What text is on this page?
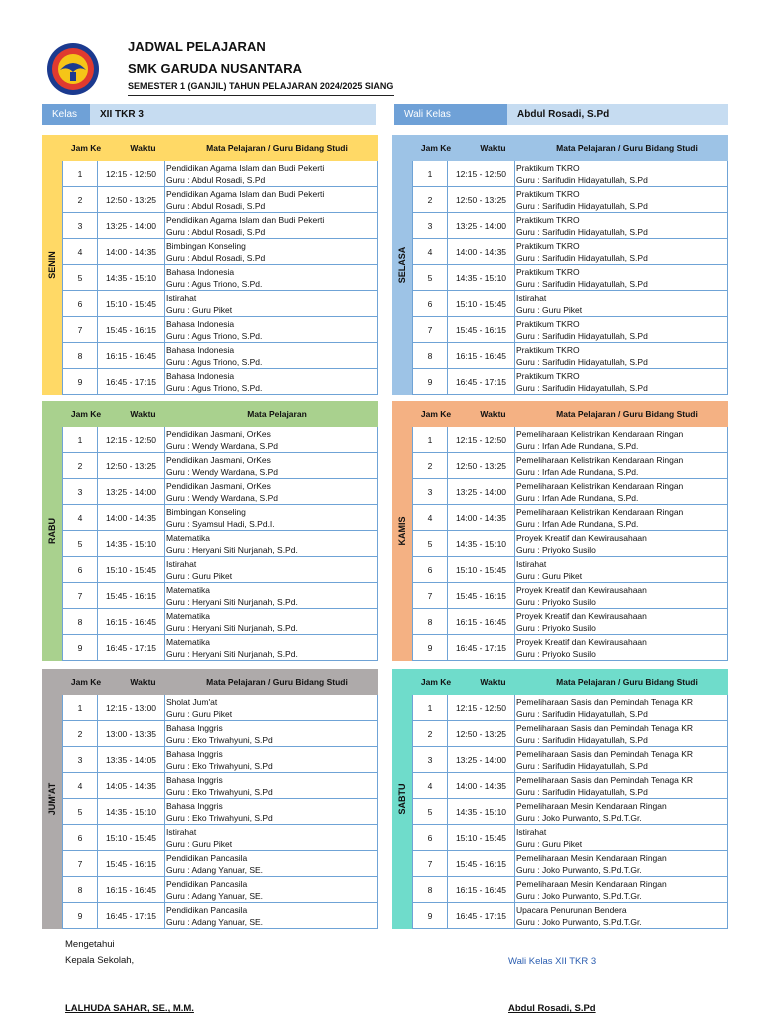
JADWAL PELAJARAN
SMK GARUDA NUSANTARA
SEMESTER 1 (GANJIL) TAHUN PELAJARAN 2024/2025 SIANG
Kelas	XII TKR 3	Wali Kelas	Abdul Rosadi, S.Pd
SENIN
Jam Ke	Waktu	Mata Pelajaran / Guru Bidang Studi
1	12:15 - 12:50
Pendidikan Agama Islam dan Budi Pekerti
Guru : Abdul Rosadi, S.Pd
2	12:50 - 13:25
Pendidikan Agama Islam dan Budi Pekerti
Guru : Abdul Rosadi, S.Pd
3	13:25 - 14:00
Pendidikan Agama Islam dan Budi Pekerti
Guru : Abdul Rosadi, S.Pd
4	14:00 - 14:35
Bimbingan Konseling
Guru : Abdul Rosadi, S.Pd
5	14:35 - 15:10
Bahasa Indonesia
Guru : Agus Triono, S.Pd.
6	15:10 - 15:45
Istirahat
Guru : Guru Piket
7	15:45 - 16:15
Bahasa Indonesia
Guru : Agus Triono, S.Pd.
8	16:15 - 16:45
Bahasa Indonesia
Guru : Agus Triono, S.Pd.
9	16:45 - 17:15
Bahasa Indonesia
Guru : Agus Triono, S.Pd.
SELASA
Jam Ke	Waktu	Mata Pelajaran / Guru Bidang Studi
1	12:15 - 12:50
Praktikum TKRO
Guru : Sarifudin Hidayatullah, S.Pd
2	12:50 - 13:25
Praktikum TKRO
Guru : Sarifudin Hidayatullah, S.Pd
3	13:25 - 14:00
Praktikum TKRO
Guru : Sarifudin Hidayatullah, S.Pd
4	14:00 - 14:35
Praktikum TKRO
Guru : Sarifudin Hidayatullah, S.Pd
5	14:35 - 15:10
Praktikum TKRO
Guru : Sarifudin Hidayatullah, S.Pd
6	15:10 - 15:45
Istirahat
Guru : Guru Piket
7	15:45 - 16:15
Praktikum TKRO
Guru : Sarifudin Hidayatullah, S.Pd
8	16:15 - 16:45
Praktikum TKRO
Guru : Sarifudin Hidayatullah, S.Pd
9	16:45 - 17:15
Praktikum TKRO
Guru : Sarifudin Hidayatullah, S.Pd
RABU
Jam Ke	Waktu	Mata Pelajaran
1	12:15 - 12:50
Pendidikan Jasmani, OrKes
Guru : Wendy Wardana, S.Pd
2	12:50 - 13:25
Pendidikan Jasmani, OrKes
Guru : Wendy Wardana, S.Pd
3	13:25 - 14:00
Pendidikan Jasmani, OrKes
Guru : Wendy Wardana, S.Pd
4	14:00 - 14:35
Bimbingan Konseling
Guru : Syamsul Hadi, S.Pd.I.
5	14:35 - 15:10
Matematika
Guru : Heryani Siti Nurjanah, S.Pd.
6	15:10 - 15:45
Istirahat
Guru : Guru Piket
7	15:45 - 16:15
Matematika
Guru : Heryani Siti Nurjanah, S.Pd.
8	16:15 - 16:45
Matematika
Guru : Heryani Siti Nurjanah, S.Pd.
9	16:45 - 17:15
Matematika
Guru : Heryani Siti Nurjanah, S.Pd.
KAMIS
Jam Ke	Waktu	Mata Pelajaran / Guru Bidang Studi
1	12:15 - 12:50
Pemeliharaan Kelistrikan Kendaraan Ringan
Guru : Irfan Ade Rundana, S.Pd.
2	12:50 - 13:25
Pemeliharaan Kelistrikan Kendaraan Ringan
Guru : Irfan Ade Rundana, S.Pd.
3	13:25 - 14:00
Pemeliharaan Kelistrikan Kendaraan Ringan
Guru : Irfan Ade Rundana, S.Pd.
4	14:00 - 14:35
Pemeliharaan Kelistrikan Kendaraan Ringan
Guru : Irfan Ade Rundana, S.Pd.
5	14:35 - 15:10
Proyek Kreatif dan Kewirausahaan
Guru : Priyoko Susilo
6	15:10 - 15:45
Istirahat
Guru : Guru Piket
7	15:45 - 16:15
Proyek Kreatif dan Kewirausahaan
Guru : Priyoko Susilo
8	16:15 - 16:45
Proyek Kreatif dan Kewirausahaan
Guru : Priyoko Susilo
9	16:45 - 17:15
Proyek Kreatif dan Kewirausahaan
Guru : Priyoko Susilo
JUM'AT
Jam Ke	Waktu	Mata Pelajaran / Guru Bidang Studi
1	12:15 - 13:00
Sholat Jum'at
Guru : Guru Piket
2	13:00 - 13:35
Bahasa Inggris
Guru : Eko Triwahyuni, S.Pd
3	13:35 - 14:05
Bahasa Inggris
Guru : Eko Triwahyuni, S.Pd
4	14:05 - 14:35
Bahasa Inggris
Guru : Eko Triwahyuni, S.Pd
5	14:35 - 15:10
Bahasa Inggris
Guru : Eko Triwahyuni, S.Pd
6	15:10 - 15:45
Istirahat
Guru : Guru Piket
7	15:45 - 16:15
Pendidikan Pancasila
Guru : Adang Yanuar, SE.
8	16:15 - 16:45
Pendidikan Pancasila
Guru : Adang Yanuar, SE.
9	16:45 - 17:15
Pendidikan Pancasila
Guru : Adang Yanuar, SE.
SABTU
Jam Ke	Waktu	Mata Pelajaran / Guru Bidang Studi
1	12:15 - 12:50
Pemeliharaan Sasis dan Pemindah Tenaga KR
Guru : Sarifudin Hidayatullah, S.Pd
2	12:50 - 13:25
Pemeliharaan Sasis dan Pemindah Tenaga KR
Guru : Sarifudin Hidayatullah, S.Pd
3	13:25 - 14:00
Pemeliharaan Sasis dan Pemindah Tenaga KR
Guru : Sarifudin Hidayatullah, S.Pd
4	14:00 - 14:35
Pemeliharaan Sasis dan Pemindah Tenaga KR
Guru : Sarifudin Hidayatullah, S.Pd
5	14:35 - 15:10
Pemeliharaan Mesin Kendaraan Ringan
Guru : Joko Purwanto, S.Pd.T.Gr.
6	15:10 - 15:45
Istirahat
Guru : Guru Piket
7	15:45 - 16:15
Pemeliharaan Mesin Kendaraan Ringan
Guru : Joko Purwanto, S.Pd.T.Gr.
8	16:15 - 16:45
Pemeliharaan Mesin Kendaraan Ringan
Guru : Joko Purwanto, S.Pd.T.Gr.
9	16:45 - 17:15
Upacara Penurunan Bendera
Guru : Joko Purwanto, S.Pd.T.Gr.
Mengetahui
Kepala Sekolah,	Wali Kelas XII TKR 3
LALHUDA SAHAR, SE., M.M.	Abdul Rosadi, S.Pd
